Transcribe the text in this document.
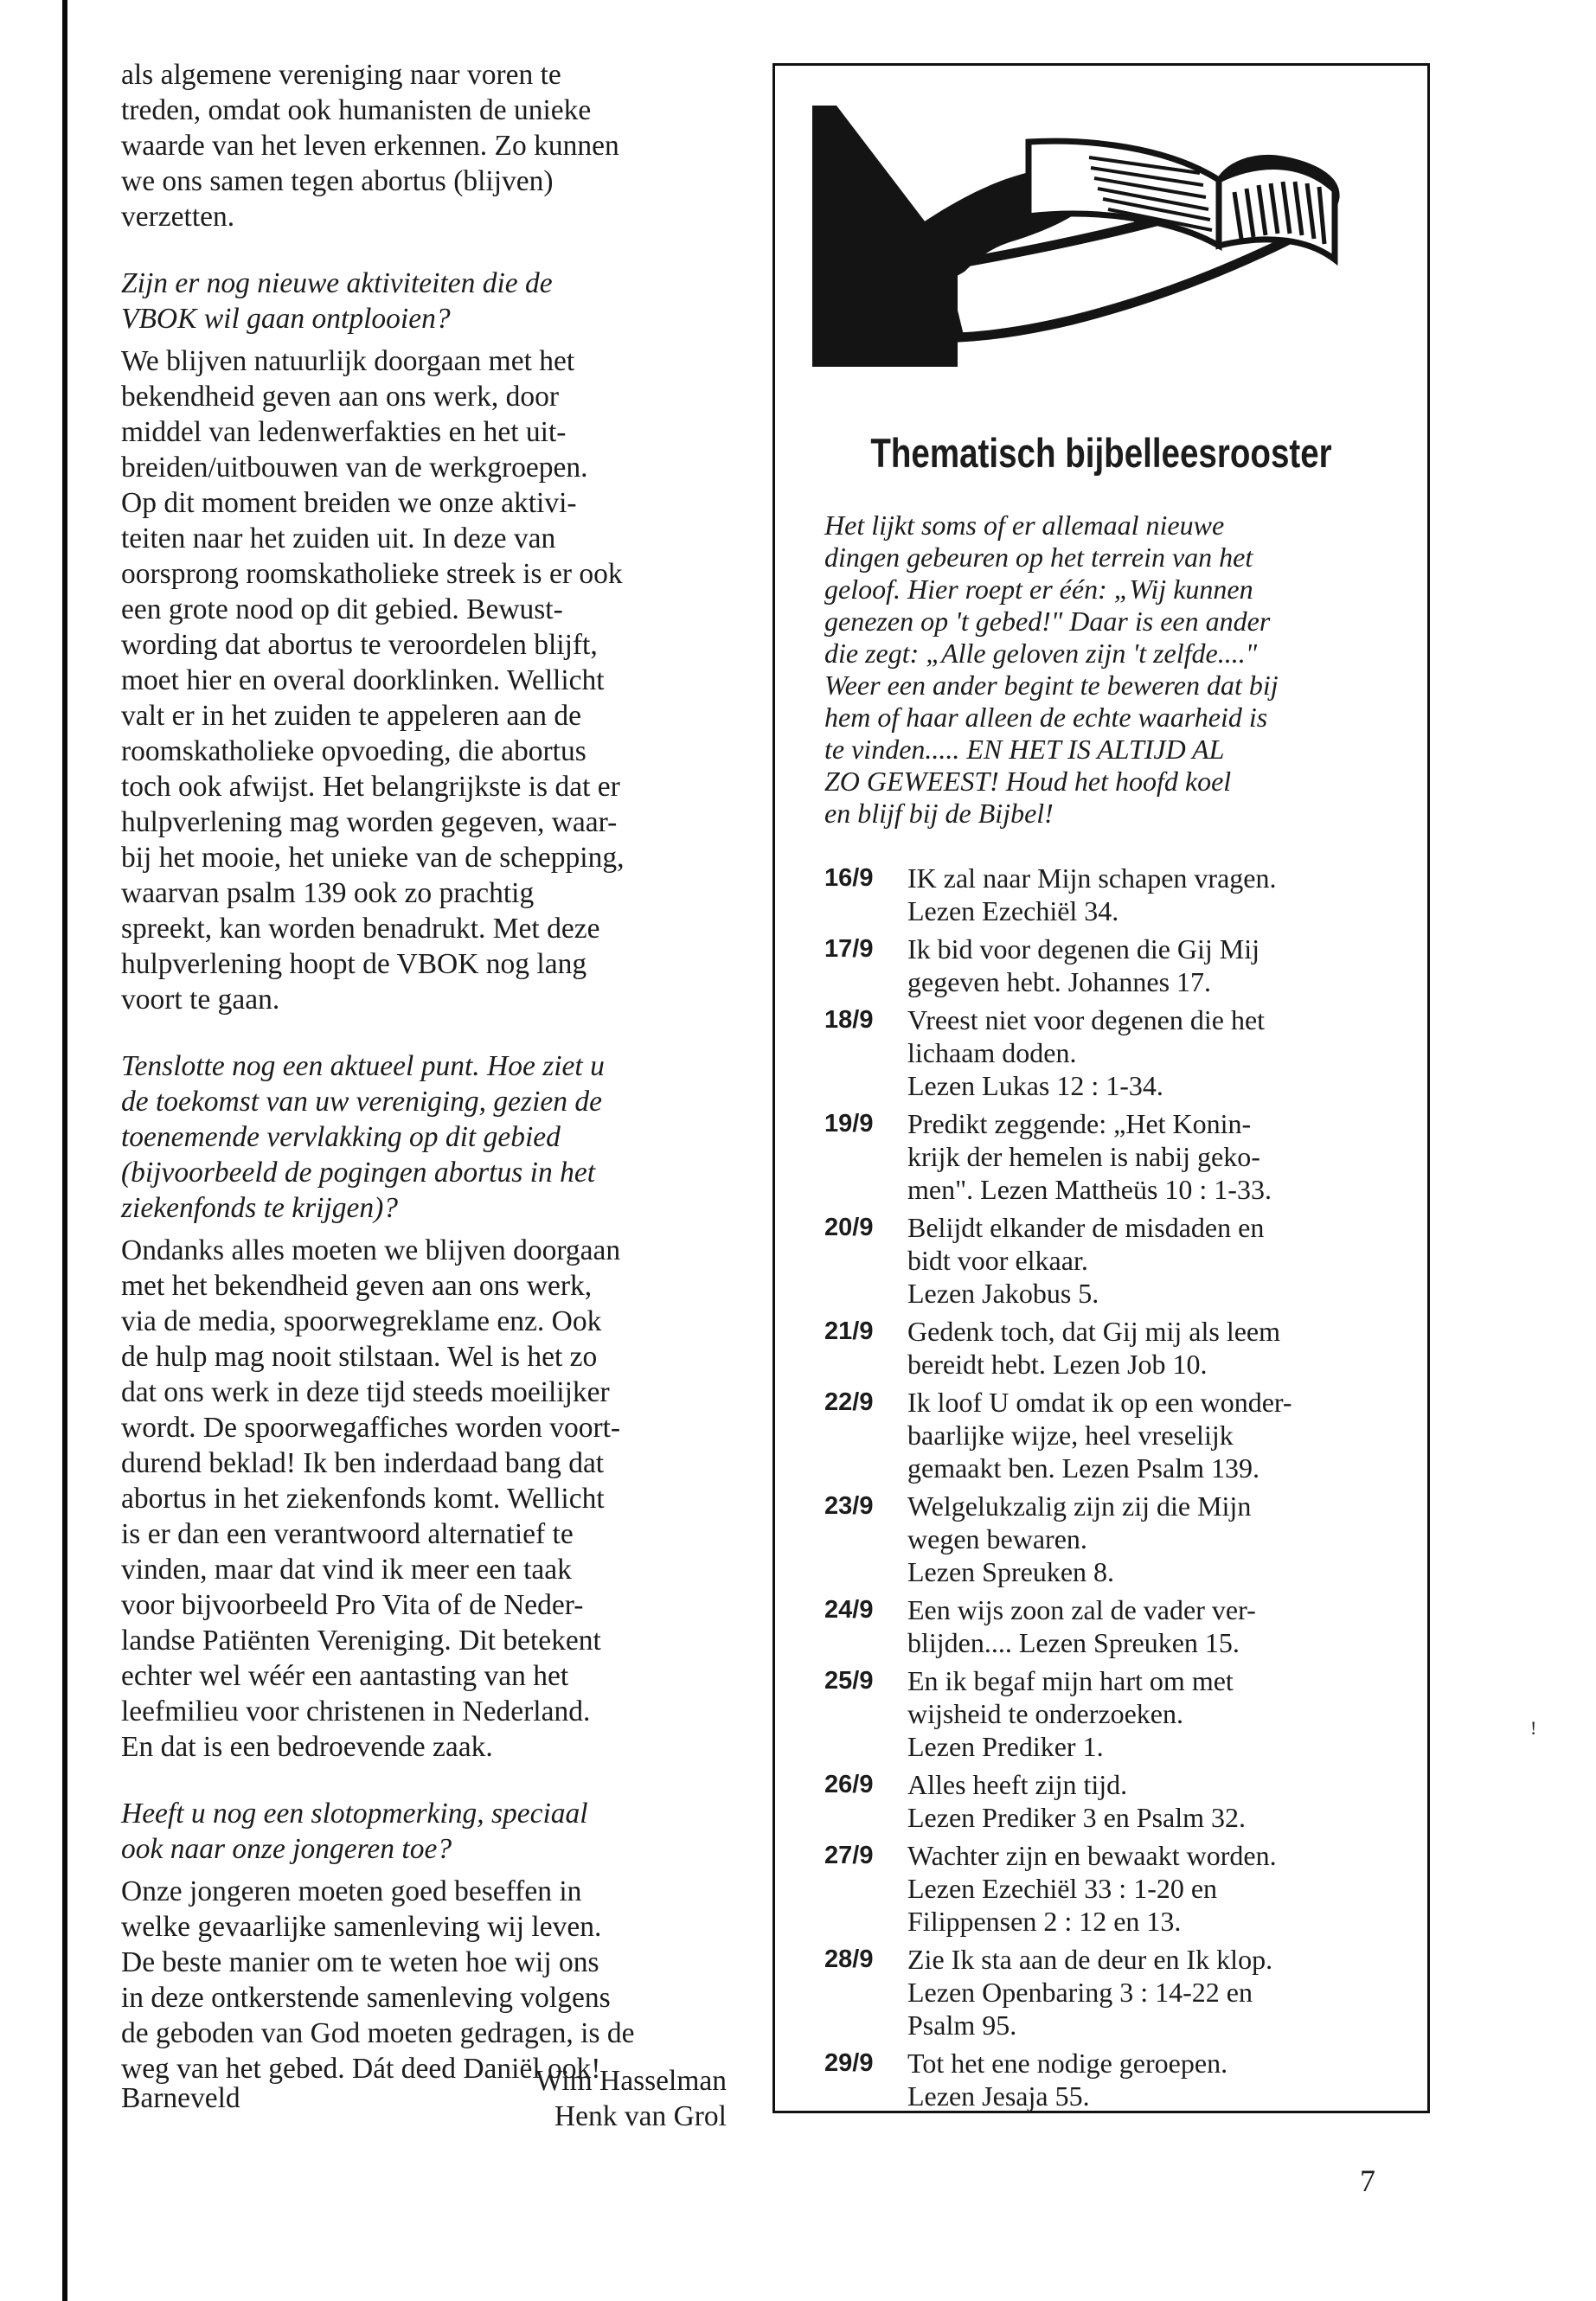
als algemene vereniging naar voren te
treden, omdat ook humanisten de unieke
waarde van het leven erkennen. Zo kunnen
we ons samen tegen abortus (blijven)
verzetten.

Zijn er nog nieuwe aktiviteiten die de
VBOK wil gaan ontplooien?

We blijven natuurlijk doorgaan met het
bekendheid geven aan ons werk, door
middel van ledenwerfakties en het uit-
breiden/uitbouwen van de werkgroepen.
Op dit moment breiden we onze aktivi-
teiten naar het zuiden uit. In deze van
oorsprong roomskatholieke streek is er ook
een grote nood op dit gebied. Bewust-
wording dat abortus te veroordelen blijft,
moet hier en overal doorklinken. Wellicht
valt er in het zuiden te appeleren aan de
roomskatholieke opvoeding, die abortus
toch ook afwijst. Het belangrijkste is dat er
hulpverlening mag worden gegeven, waar-
bij het mooie, het unieke van de schepping,
waarvan psalm 139 ook zo prachtig
spreekt, kan worden benadrukt. Met deze
hulpverlening hoopt de VBOK nog lang
voort te gaan.

Tenslotte nog een aktueel punt. Hoe ziet u
de toekomst van uw vereniging, gezien de
toenemende vervlakking op dit gebied
(bijvoorbeeld de pogingen abortus in het
ziekenfonds te krijgen)?

Ondanks alles moeten we blijven doorgaan
met het bekendheid geven aan ons werk,
via de media, spoorwegreklame enz. Ook
de hulp mag nooit stilstaan. Wel is het zo
dat ons werk in deze tijd steeds moeilijker
wordt. De spoorwegaffiches worden voort-
durend beklad! Ik ben inderdaad bang dat
abortus in het ziekenfonds komt. Wellicht
is er dan een verantwoord alternatief te
vinden, maar dat vind ik meer een taak
voor bijvoorbeeld Pro Vita of de Neder-
landse Patiënten Vereniging. Dit betekent
echter wel wéér een aantasting van het
leefmilieu voor christenen in Nederland.
En dat is een bedroevende zaak.

Heeft u nog een slotopmerking, speciaal
ook naar onze jongeren toe?

Onze jongeren moeten goed beseffen in
welke gevaarlijke samenleving wij leven.
De beste manier om te weten hoe wij ons
in deze ontkerstende samenleving volgens
de geboden van God moeten gedragen, is de
weg van het gebed. Dát deed Daniël ook!

Barneveld
Wim Hasselman
Henk van Grol
Thematisch bijbelleesrooster

Het lijkt soms of er allemaal nieuwe
dingen gebeuren op het terrein van het
geloof. Hier roept er één: „Wij kunnen
genezen op 't gebed!" Daar is een ander
die zegt: „Alle geloven zijn 't zelfde...."
Weer een ander begint te beweren dat bij
hem of haar alleen de echte waarheid is
te vinden..... EN HET IS ALTIJD AL
ZO GEWEEST! Houd het hoofd koel
en blijf bij de Bijbel!

16/9	IK zal naar Mijn schapen vragen.
Lezen Ezechiël 34.
17/9	Ik bid voor degenen die Gij Mij
gegeven hebt. Johannes 17.
18/9	Vreest niet voor degenen die het
lichaam doden.
Lezen Lukas 12 : 1-34.
19/9	Predikt zeggende: „Het Konin-
krijk der hemelen is nabij geko-
men". Lezen Mattheüs 10 : 1-33.
20/9	Belijdt elkander de misdaden en
bidt voor elkaar.
Lezen Jakobus 5.
21/9	Gedenk toch, dat Gij mij als leem
bereidt hebt. Lezen Job 10.
22/9	Ik loof U omdat ik op een wonder-
baarlijke wijze, heel vreselijk
gemaakt ben. Lezen Psalm 139.
23/9	Welgelukzalig zijn zij die Mijn
wegen bewaren.
Lezen Spreuken 8.
24/9	Een wijs zoon zal de vader ver-
blijden.... Lezen Spreuken 15.
25/9	En ik begaf mijn hart om met
wijsheid te onderzoeken.
Lezen Prediker 1.
26/9	Alles heeft zijn tijd.
Lezen Prediker 3 en Psalm 32.
27/9	Wachter zijn en bewaakt worden.
Lezen Ezechiël 33 : 1-20 en
Filippensen 2 : 12 en 13.
28/9	Zie Ik sta aan de deur en Ik klop.
Lezen Openbaring 3 : 14-22 en
Psalm 95.
29/9	Tot het ene nodige geroepen.
Lezen Jesaja 55.
7
!
